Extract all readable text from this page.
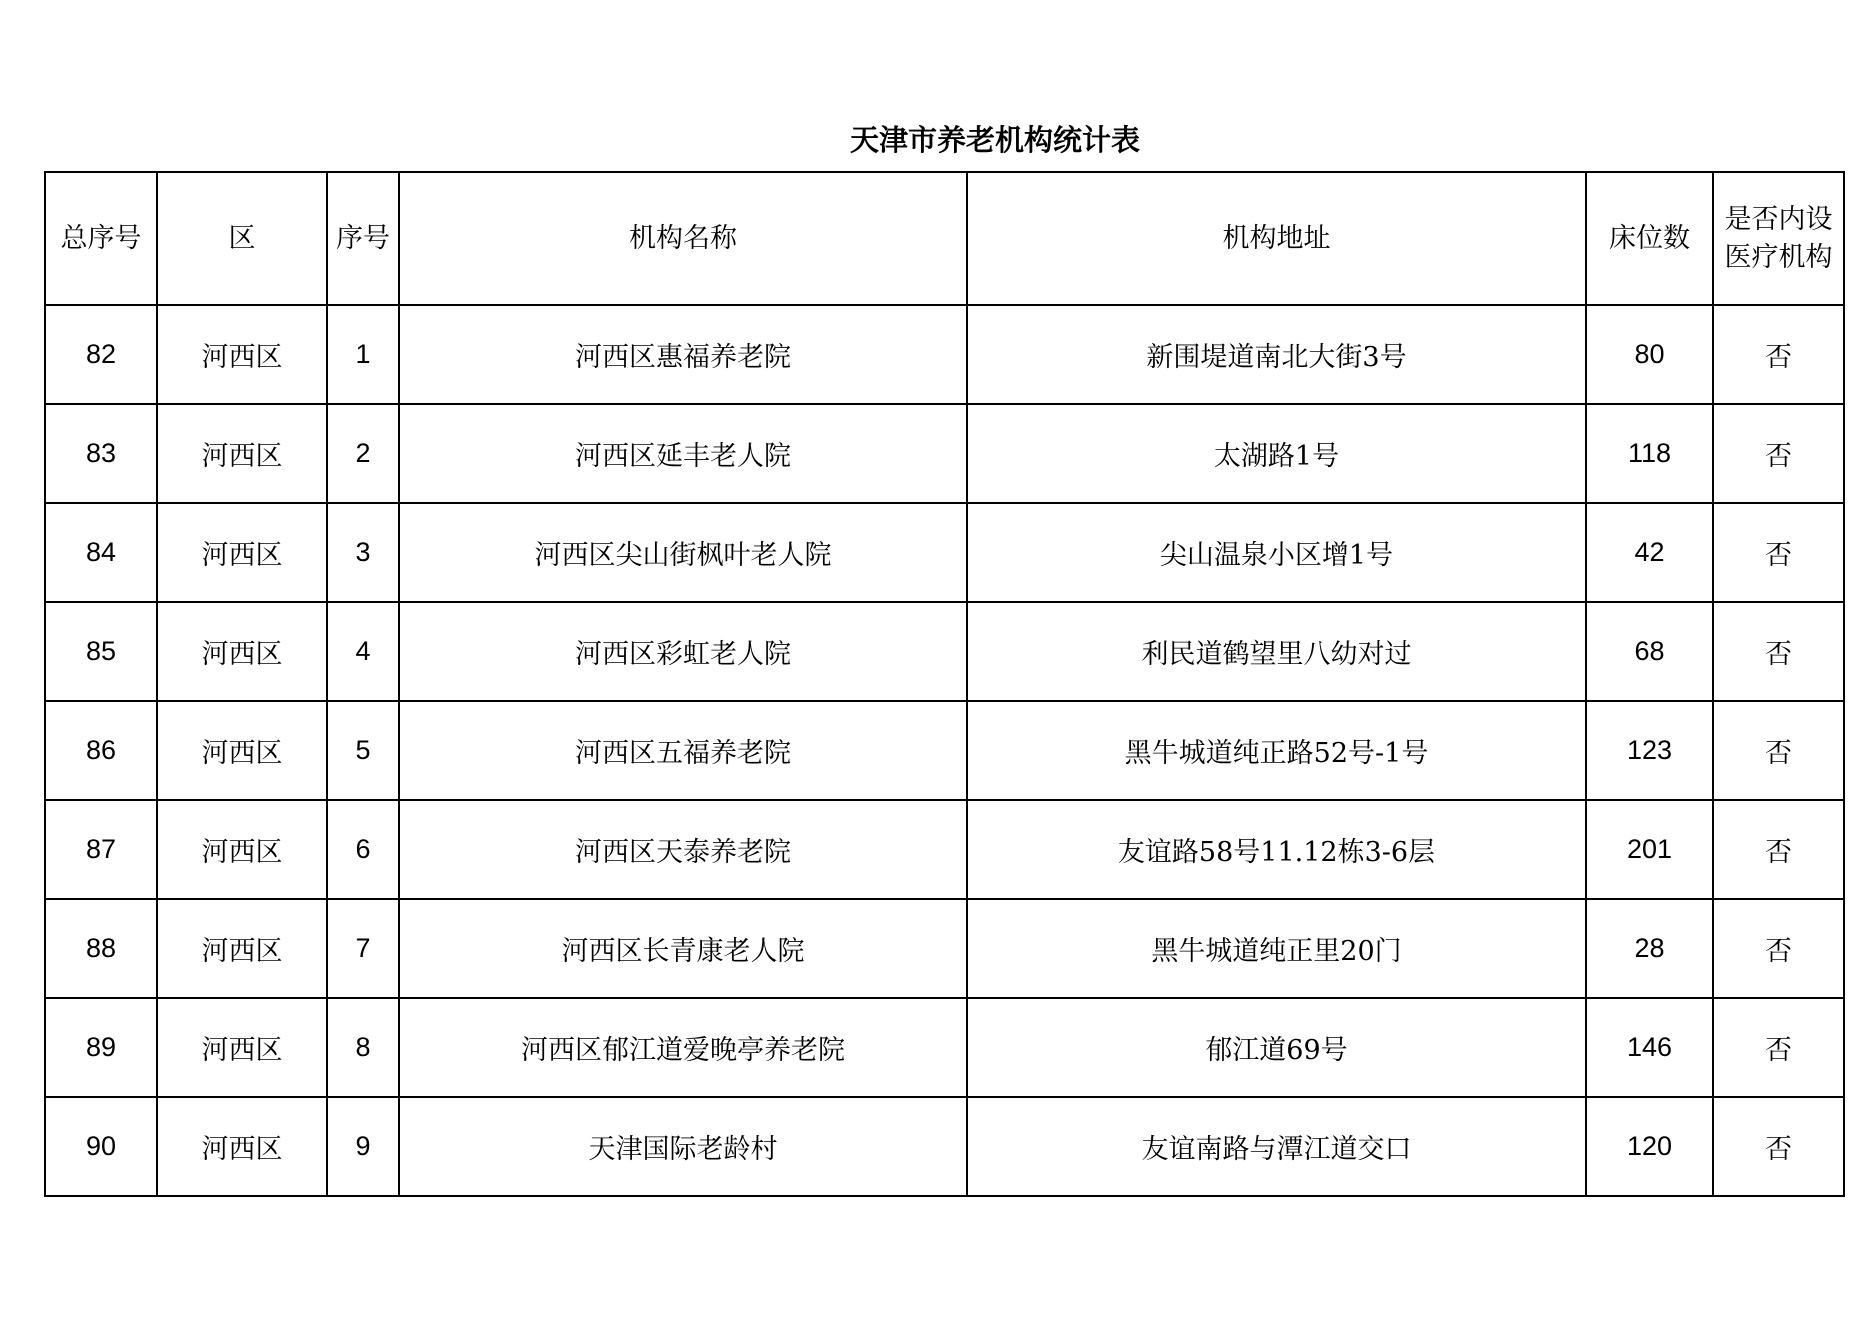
天津市养老机构统计表
总序号	区	序号	机构名称	机构地址	床位数	是否内设医疗机构
82	河西区	1	河西区惠福养老院	新围堤道南北大街3号	80	否
83	河西区	2	河西区延丰老人院	太湖路1号	118	否
84	河西区	3	河西区尖山街枫叶老人院	尖山温泉小区增1号	42	否
85	河西区	4	河西区彩虹老人院	利民道鹤望里八幼对过	68	否
86	河西区	5	河西区五福养老院	黑牛城道纯正路52号-1号	123	否
87	河西区	6	河西区天泰养老院	友谊路58号11.12栋3-6层	201	否
88	河西区	7	河西区长青康老人院	黑牛城道纯正里20门	28	否
89	河西区	8	河西区郁江道爱晚亭养老院	郁江道69号	146	否
90	河西区	9	天津国际老龄村	友谊南路与潭江道交口	120	否
